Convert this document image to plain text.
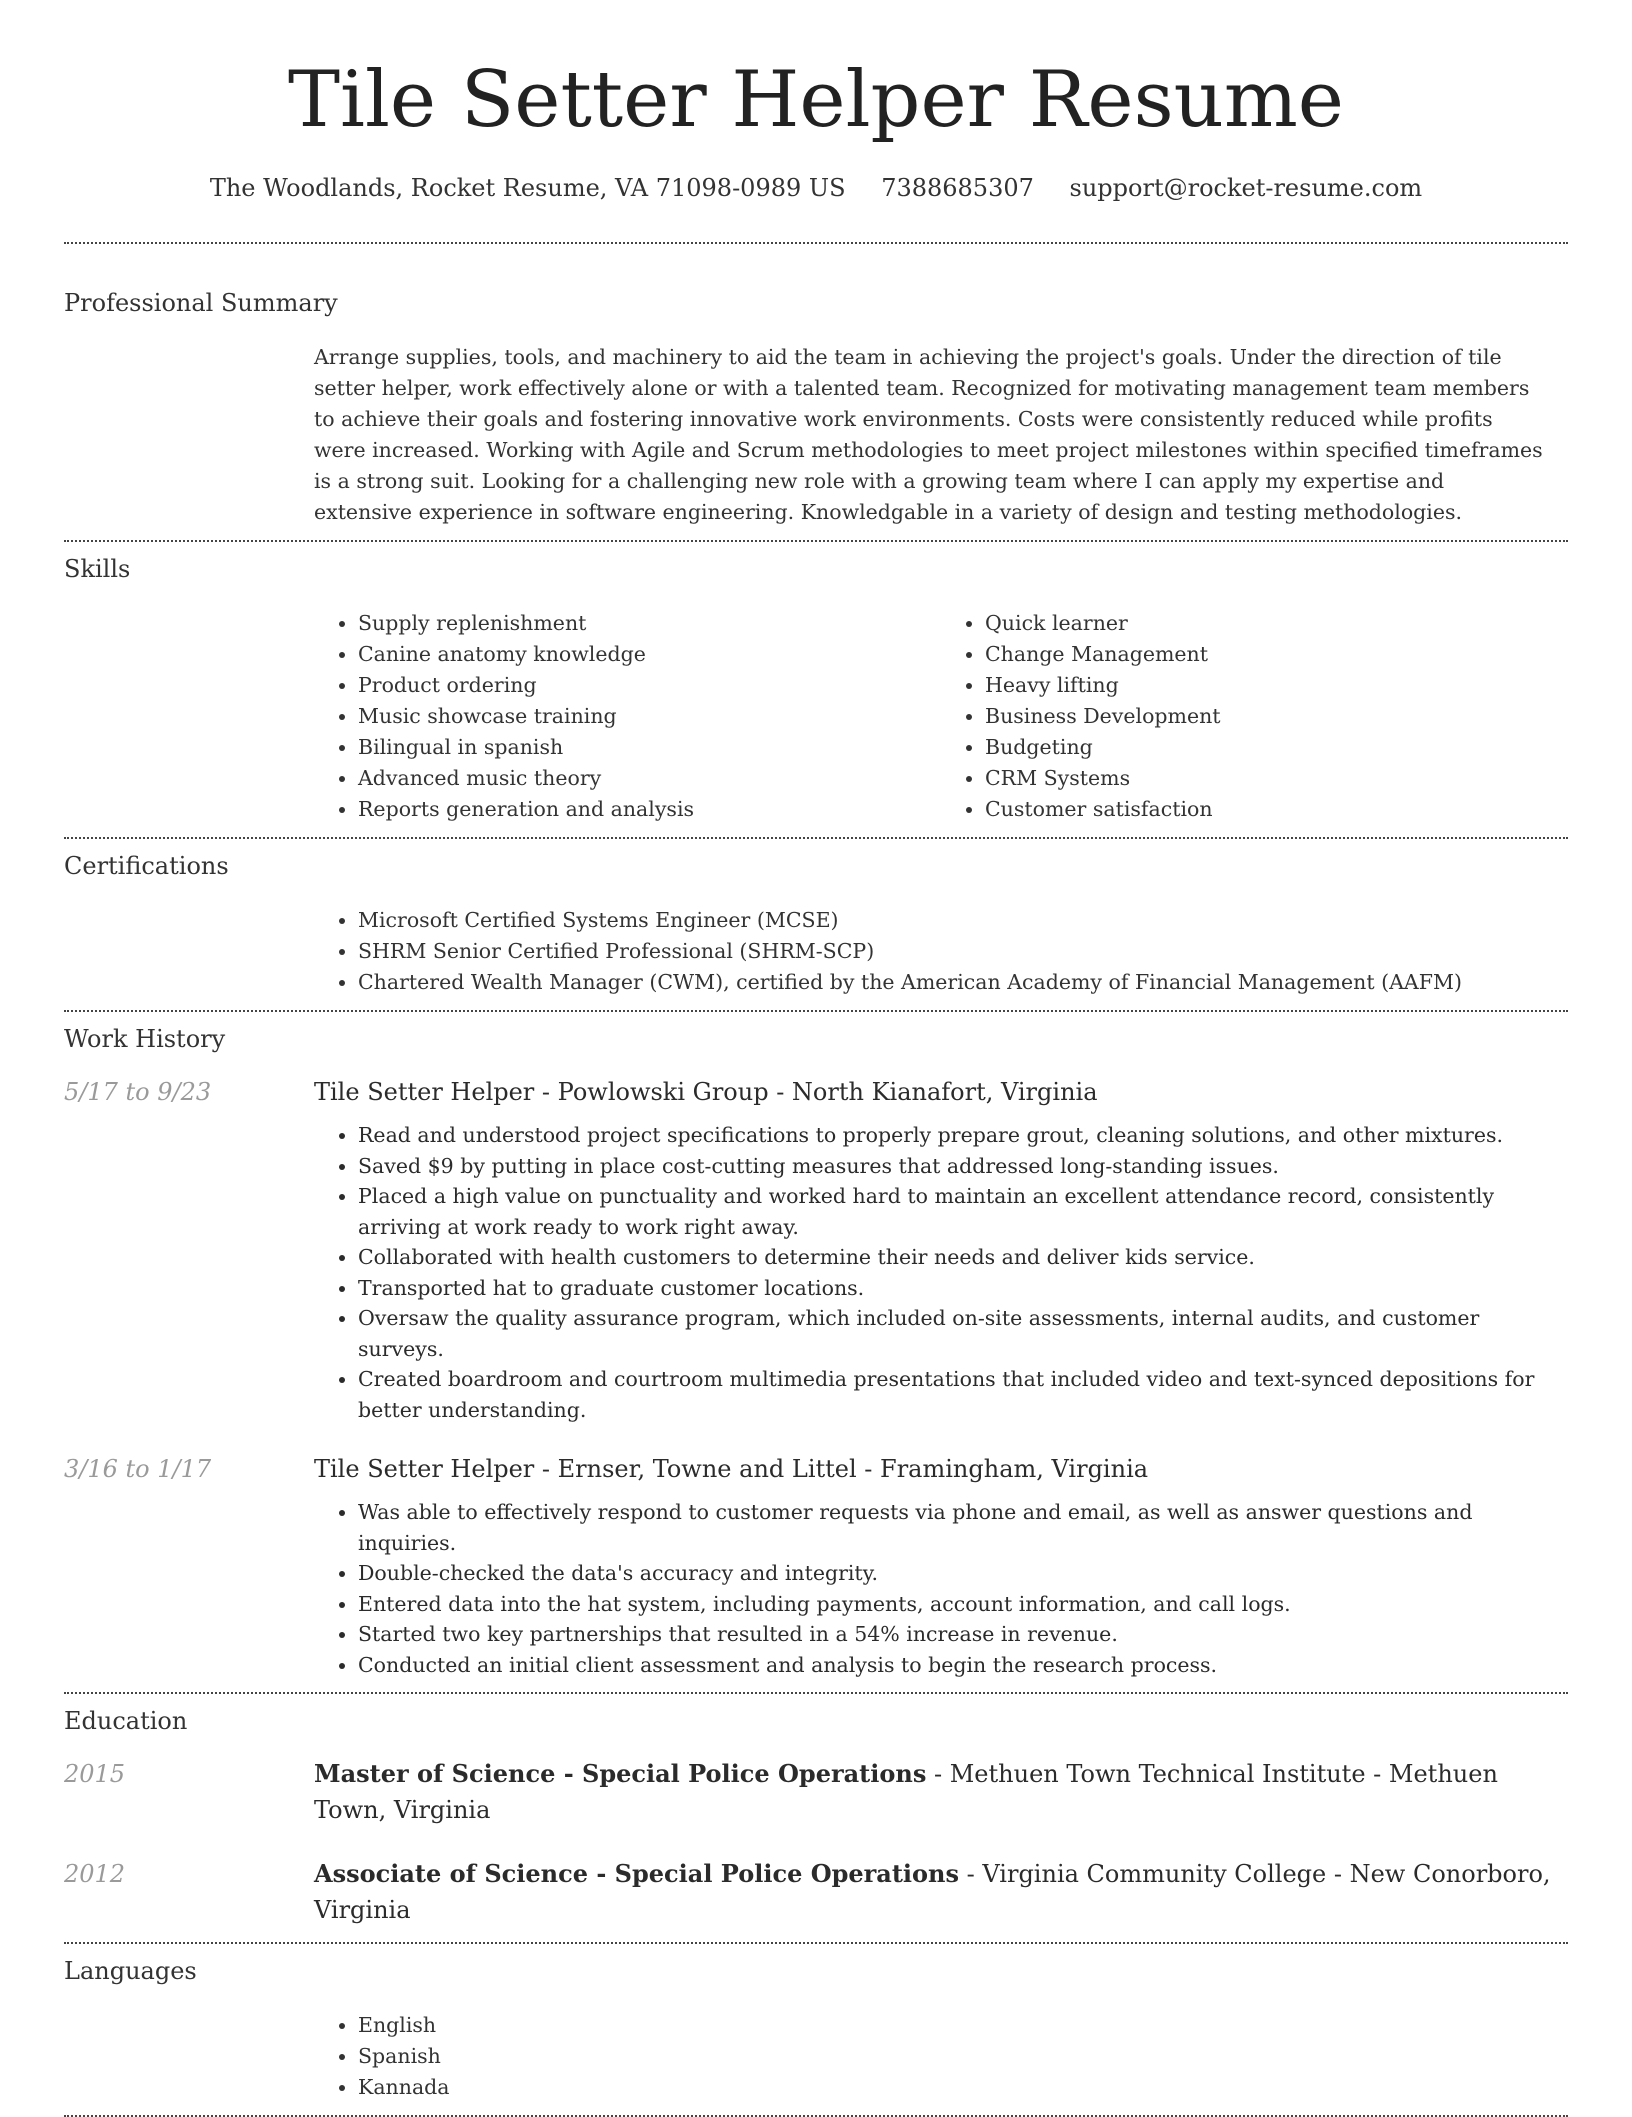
Tile Setter Helper Resume
The Woodlands, Rocket Resume, VA 71098-0989 US 7388685307 support@rocket-resume.com
Professional Summary
Arrange supplies, tools, and machinery to aid the team in achieving the project's goals. Under the direction of tile setter helper, work effectively alone or with a talented team. Recognized for motivating management team members to achieve their goals and fostering innovative work environments. Costs were consistently reduced while profits were increased. Working with Agile and Scrum methodologies to meet project milestones within specified timeframes is a strong suit. Looking for a challenging new role with a growing team where I can apply my expertise and extensive experience in software engineering. Knowledgable in a variety of design and testing methodologies.
Skills
• Supply replenishment
• Canine anatomy knowledge
• Product ordering
• Music showcase training
• Bilingual in spanish
• Advanced music theory
• Reports generation and analysis
• Quick learner
• Change Management
• Heavy lifting
• Business Development
• Budgeting
• CRM Systems
• Customer satisfaction
Certifications
• Microsoft Certified Systems Engineer (MCSE)
• SHRM Senior Certified Professional (SHRM-SCP)
• Chartered Wealth Manager (CWM), certified by the American Academy of Financial Management (AAFM)
Work History
5/17 to 9/23	Tile Setter Helper - Powlowski Group - North Kianafort, Virginia
• Read and understood project specifications to properly prepare grout, cleaning solutions, and other mixtures.
• Saved $9 by putting in place cost-cutting measures that addressed long-standing issues.
• Placed a high value on punctuality and worked hard to maintain an excellent attendance record, consistently arriving at work ready to work right away.
• Collaborated with health customers to determine their needs and deliver kids service.
• Transported hat to graduate customer locations.
• Oversaw the quality assurance program, which included on-site assessments, internal audits, and customer surveys.
• Created boardroom and courtroom multimedia presentations that included video and text-synced depositions for better understanding.
3/16 to 1/17	Tile Setter Helper - Ernser, Towne and Littel - Framingham, Virginia
• Was able to effectively respond to customer requests via phone and email, as well as answer questions and inquiries.
• Double-checked the data's accuracy and integrity.
• Entered data into the hat system, including payments, account information, and call logs.
• Started two key partnerships that resulted in a 54% increase in revenue.
• Conducted an initial client assessment and analysis to begin the research process.
Education
2015	Master of Science - Special Police Operations - Methuen Town Technical Institute - Methuen Town, Virginia
2012	Associate of Science - Special Police Operations - Virginia Community College - New Conorboro, Virginia
Languages
• English
• Spanish
• Kannada
